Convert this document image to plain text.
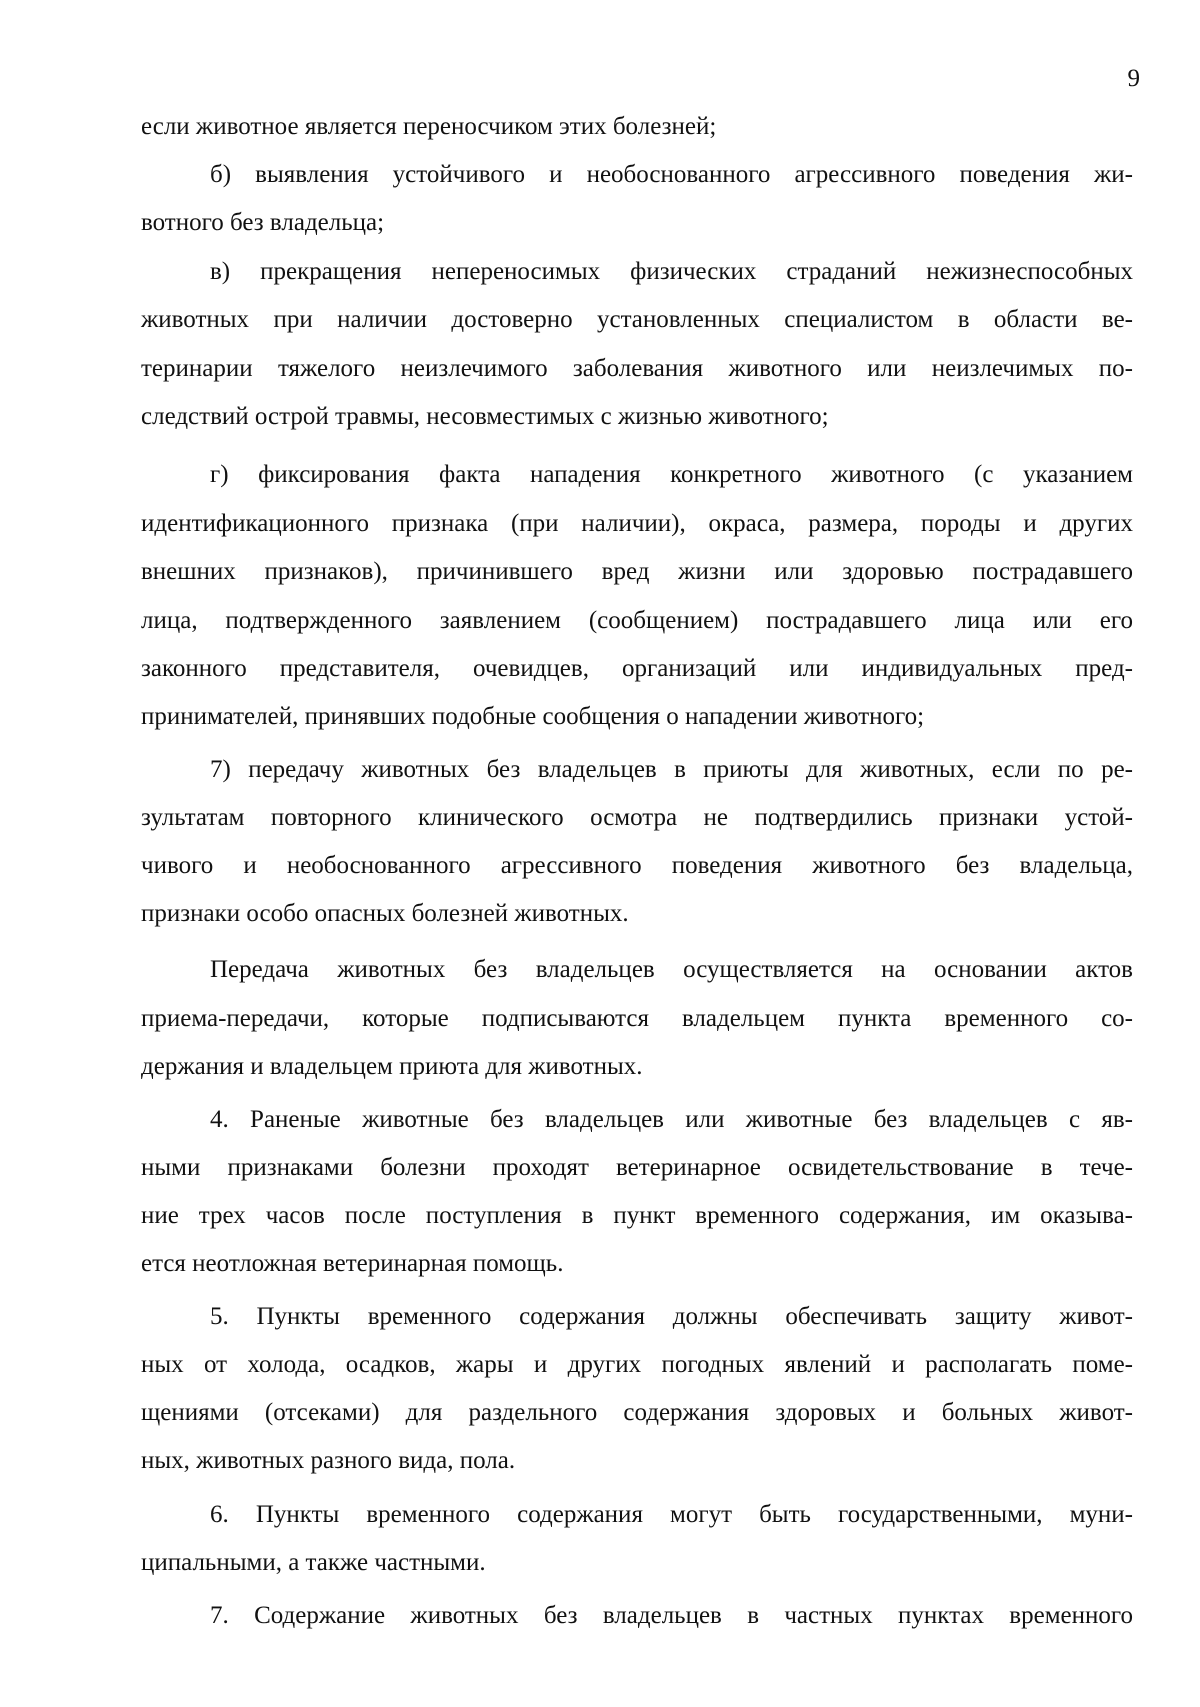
9
если животное является переносчиком этих болезней;
б) выявления устойчивого и необоснованного агрессивного поведения жи-
вотного без владельца;
в) прекращения непереносимых физических страданий нежизнеспособных
животных при наличии достоверно установленных специалистом в области ве-
теринарии тяжелого неизлечимого заболевания животного или неизлечимых по-
следствий острой травмы, несовместимых с жизнью животного;
г) фиксирования факта нападения конкретного животного (с указанием
идентификационного признака (при наличии), окраса, размера, породы и других
внешних признаков), причинившего вред жизни или здоровью пострадавшего
лица, подтвержденного заявлением (сообщением) пострадавшего лица или его
законного представителя, очевидцев, организаций или индивидуальных пред-
принимателей, принявших подобные сообщения о нападении животного;
7) передачу животных без владельцев в приюты для животных, если по ре-
зультатам повторного клинического осмотра не подтвердились признаки устой-
чивого и необоснованного агрессивного поведения животного без владельца,
признаки особо опасных болезней животных.
Передача животных без владельцев осуществляется на основании актов
приема-передачи, которые подписываются владельцем пункта временного со-
держания и владельцем приюта для животных.
4. Раненые животные без владельцев или животные без владельцев с яв-
ными признаками болезни проходят ветеринарное освидетельствование в тече-
ние трех часов после поступления в пункт временного содержания, им оказыва-
ется неотложная ветеринарная помощь.
5. Пункты временного содержания должны обеспечивать защиту живот-
ных от холода, осадков, жары и других погодных явлений и располагать поме-
щениями (отсеками) для раздельного содержания здоровых и больных живот-
ных, животных разного вида, пола.
6. Пункты временного содержания могут быть государственными, муни-
ципальными, а также частными.
7. Содержание животных без владельцев в частных пунктах временного
